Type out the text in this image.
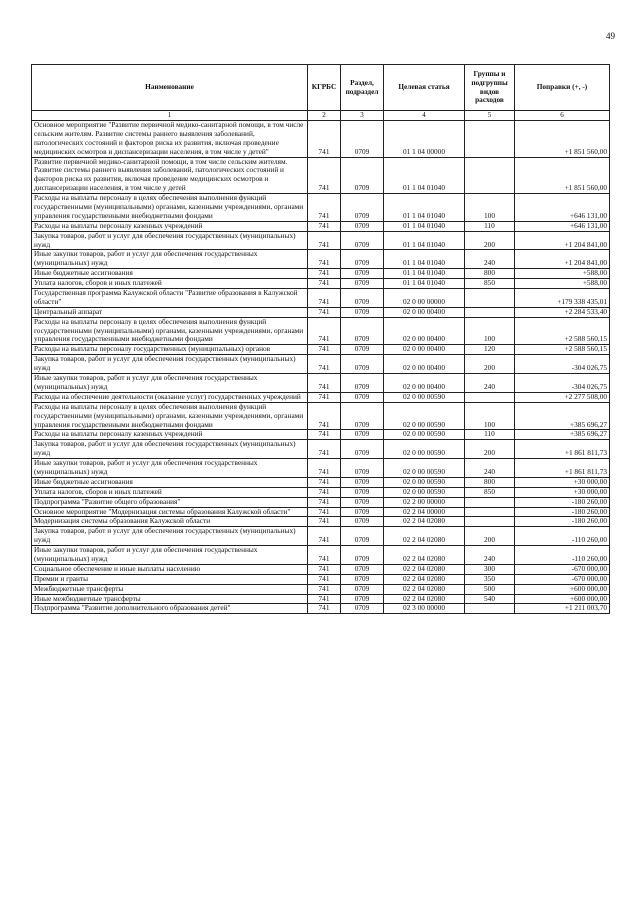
49
Наименование	КГРБС	Раздел, подраздел	Целевая статья	Группы и подгруппы видов расходов	Поправки (+, -)
1	2	3	4	5	6
Основное мероприятие "Развитие первичной медико-санитарной помощи, в том числе сельским жителям. Развитие системы раннего выявления заболеваний, патологических состояний и факторов риска их развития, включая проведение медицинских осмотров и диспансеризации населения, в том числе у детей"	741	0709	01 1 04 00000		+1 851 560,00
Развитие первичной медико-санитарной помощи, в том числе сельским жителям. Развитие системы раннего выявления заболеваний, патологических состояний и факторов риска их развития, включая проведение медицинских осмотров и диспансеризации населения, в том числе у детей	741	0709	01 1 04 01040		+1 851 560,00
Расходы на выплаты персоналу в целях обеспечения выполнения функций государственными (муниципальными) органами, казенными учреждениями, органами управления государственными внебюджетными фондами	741	0709	01 1 04 01040	100	+646 131,00
Расходы на выплаты персоналу казенных учреждений	741	0709	01 1 04 01040	110	+646 131,00
Закупка товаров, работ и услуг для обеспечения государственных (муниципальных) нужд	741	0709	01 1 04 01040	200	+1 204 841,00
Иные закупки товаров, работ и услуг для обеспечения государственных (муниципальных) нужд	741	0709	01 1 04 01040	240	+1 204 841,00
Иные бюджетные ассигнования	741	0709	01 1 04 01040	800	+588,00
Уплата налогов, сборов и иных платежей	741	0709	01 1 04 01040	850	+588,00
Государственная программа Калужской области "Развитие образования в Калужской области"	741	0709	02 0 00 00000		+179 338 435,01
Центральный аппарат	741	0709	02 0 00 00400		+2 284 533,40
Расходы на выплаты персоналу в целях обеспечения выполнения функций государственными (муниципальными) органами, казенными учреждениями, органами управления государственными внебюджетными фондами	741	0709	02 0 00 00400	100	+2 588 560,15
Расходы на выплаты персоналу государственных (муниципальных) органов	741	0709	02 0 00 00400	120	+2 588 560,15
Закупка товаров, работ и услуг для обеспечения государственных (муниципальных) нужд	741	0709	02 0 00 00400	200	-304 026,75
Иные закупки товаров, работ и услуг для обеспечения государственных (муниципальных) нужд	741	0709	02 0 00 00400	240	-304 026,75
Расходы на обеспечение деятельности (оказание услуг) государственных учреждений	741	0709	02 0 00 00590		+2 277 508,00
Расходы на выплаты персоналу в целях обеспечения выполнения функций государственными (муниципальными) органами, казенными учреждениями, органами управления государственными внебюджетными фондами	741	0709	02 0 00 00590	100	+385 696,27
Расходы на выплаты персоналу казенных учреждений	741	0709	02 0 00 00590	110	+385 696,27
Закупка товаров, работ и услуг для обеспечения государственных (муниципальных) нужд	741	0709	02 0 00 00590	200	+1 861 811,73
Иные закупки товаров, работ и услуг для обеспечения государственных (муниципальных) нужд	741	0709	02 0 00 00590	240	+1 861 811,73
Иные бюджетные ассигнования	741	0709	02 0 00 00590	800	+30 000,00
Уплата налогов, сборов и иных платежей	741	0709	02 0 00 00590	850	+30 000,00
Подпрограмма "Развитие общего образования"	741	0709	02 2 00 00000		-180 260,00
Основное мероприятие "Модернизация системы образования Калужской области"	741	0709	02 2 04 00000		-180 260,00
Модернизация системы образования Калужской области	741	0709	02 2 04 02080		-180 260,00
Закупка товаров, работ и услуг для обеспечения государственных (муниципальных) нужд	741	0709	02 2 04 02080	200	-110 260,00
Иные закупки товаров, работ и услуг для обеспечения государственных (муниципальных) нужд	741	0709	02 2 04 02080	240	-110 260,00
Социальное обеспечение и иные выплаты населению	741	0709	02 2 04 02080	300	-670 000,00
Премии и гранты	741	0709	02 2 04 02080	350	-670 000,00
Межбюджетные трансферты	741	0709	02 2 04 02080	500	+600 000,00
Иные межбюджетные трансферты	741	0709	02 2 04 02080	540	+600 000,00
Подпрограмма "Развитие дополнительного образования детей"	741	0709	02 3 00 00000		+1 211 003,70
